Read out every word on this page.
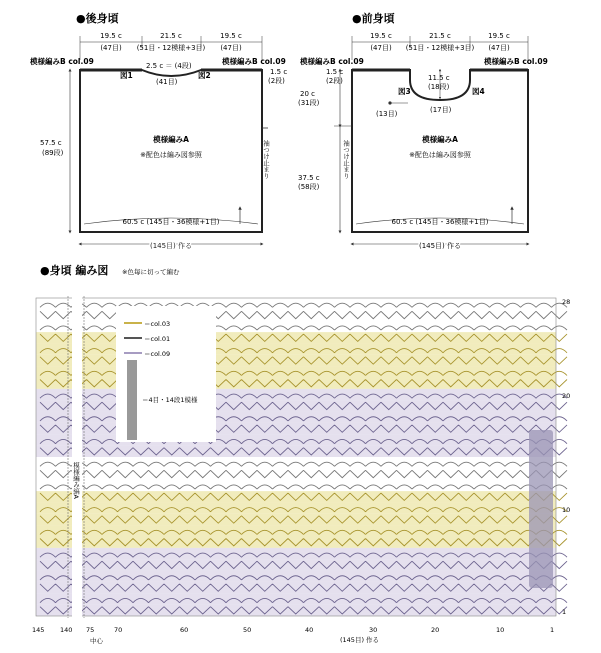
●後身頃
19.5 c
(47目)
21.5 c
(51目・12模様+3目)
19.5 c
(47目)
模様編みB col.09	模様編みB col.09
1.5 c
(2段)
2.5 c ＝ (4段)
(41目)
図1	図2
57.5 c
(89段)
模様編みA
※配色は編み図参照	袖つけ止まり
60.5 c (145目・36模様+1目)
(145目) 作る
●前身頃
19.5 c
(47目)
21.5 c
(51目・12模様+3目)
19.5 c
(47目)
模様編みB col.09	模様編みB col.09
1.5 c
(2段)	11.5 c
(18段)
図3	図4
(13目)	(17目)
20 c
(31段)
37.5 c
(58段)
袖つけ止まり
模様編みA
※配色は編み図参照
60.5 c (145目・36模様+1目)
(145目) 作る
●身頃 編み図 ※色毎に切って編む
模様編み縞A
＝col.03
＝col.01
＝col.09
＝4目・14段1模様
28
20
10
1
145 140 75	70	60	50	40	30	10	1
中心	(145目) 作る
20
